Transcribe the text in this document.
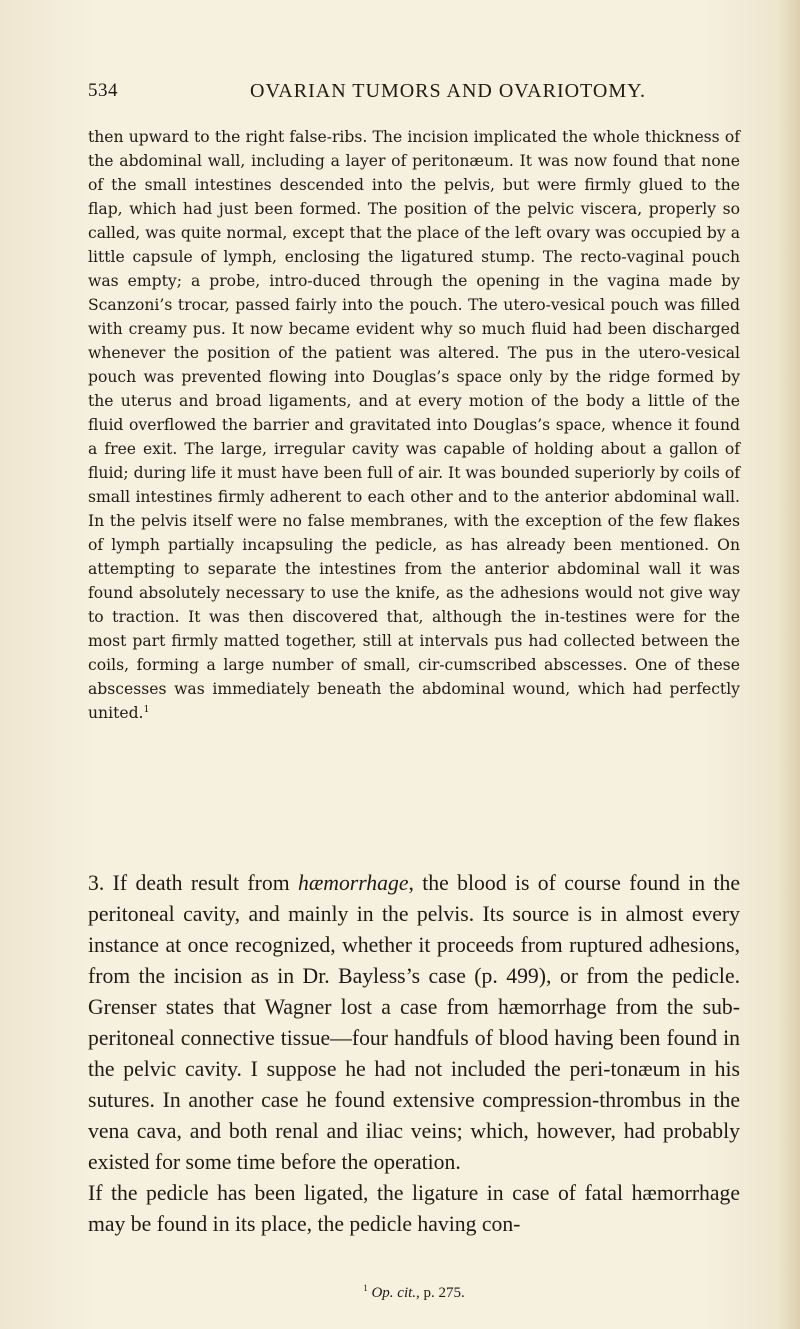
534	OVARIAN TUMORS AND OVARIOTOMY.

then upward to the right false-ribs. The incision implicated the whole thickness of the abdominal wall, including a layer of peritonæum. It was now found that none of the small intestines descended into the pelvis, but were firmly glued to the flap, which had just been formed. The position of the pelvic viscera, properly so called, was quite normal, except that the place of the left ovary was occupied by a little capsule of lymph, enclosing the ligatured stump. The recto-vaginal pouch was empty; a probe, intro-duced through the opening in the vagina made by Scanzoni’s trocar, passed fairly into the pouch. The utero-vesical pouch was filled with creamy pus. It now became evident why so much fluid had been discharged whenever the position of the patient was altered. The pus in the utero-vesical pouch was prevented flowing into Douglas’s space only by the ridge formed by the uterus and broad ligaments, and at every motion of the body a little of the fluid overflowed the barrier and gravitated into Douglas’s space, whence it found a free exit. The large, irregular cavity was capable of holding about a gallon of fluid; during life it must have been full of air. It was bounded superiorly by coils of small intestines firmly adherent to each other and to the anterior abdominal wall. In the pelvis itself were no false membranes, with the exception of the few flakes of lymph partially incapsuling the pedicle, as has already been mentioned. On attempting to separate the intestines from the anterior abdominal wall it was found absolutely necessary to use the knife, as the adhesions would not give way to traction. It was then discovered that, although the in-testines were for the most part firmly matted together, still at intervals pus had collected between the coils, forming a large number of small, cir-cumscribed abscesses. One of these abscesses was immediately beneath the abdominal wound, which had perfectly united.$^1$

3. If death result from hæmorrhage, the blood is of course found in the peritoneal cavity, and mainly in the pelvis. Its source is in almost every instance at once recognized, whether it proceeds from ruptured adhesions, from the incision as in Dr. Bayless’s case (p. 499), or from the pedicle. Grenser states that Wagner lost a case from hæmorrhage from the sub-peritoneal connective tissue—four handfuls of blood having been found in the pelvic cavity. I suppose he had not included the peri-tonæum in his sutures. In another case he found extensive compression-thrombus in the vena cava, and both renal and iliac veins; which, however, had probably existed for some time before the operation.

If the pedicle has been ligated, the ligature in case of fatal hæmorrhage may be found in its place, the pedicle having con-

$^1$ Op. cit., p. 275.
